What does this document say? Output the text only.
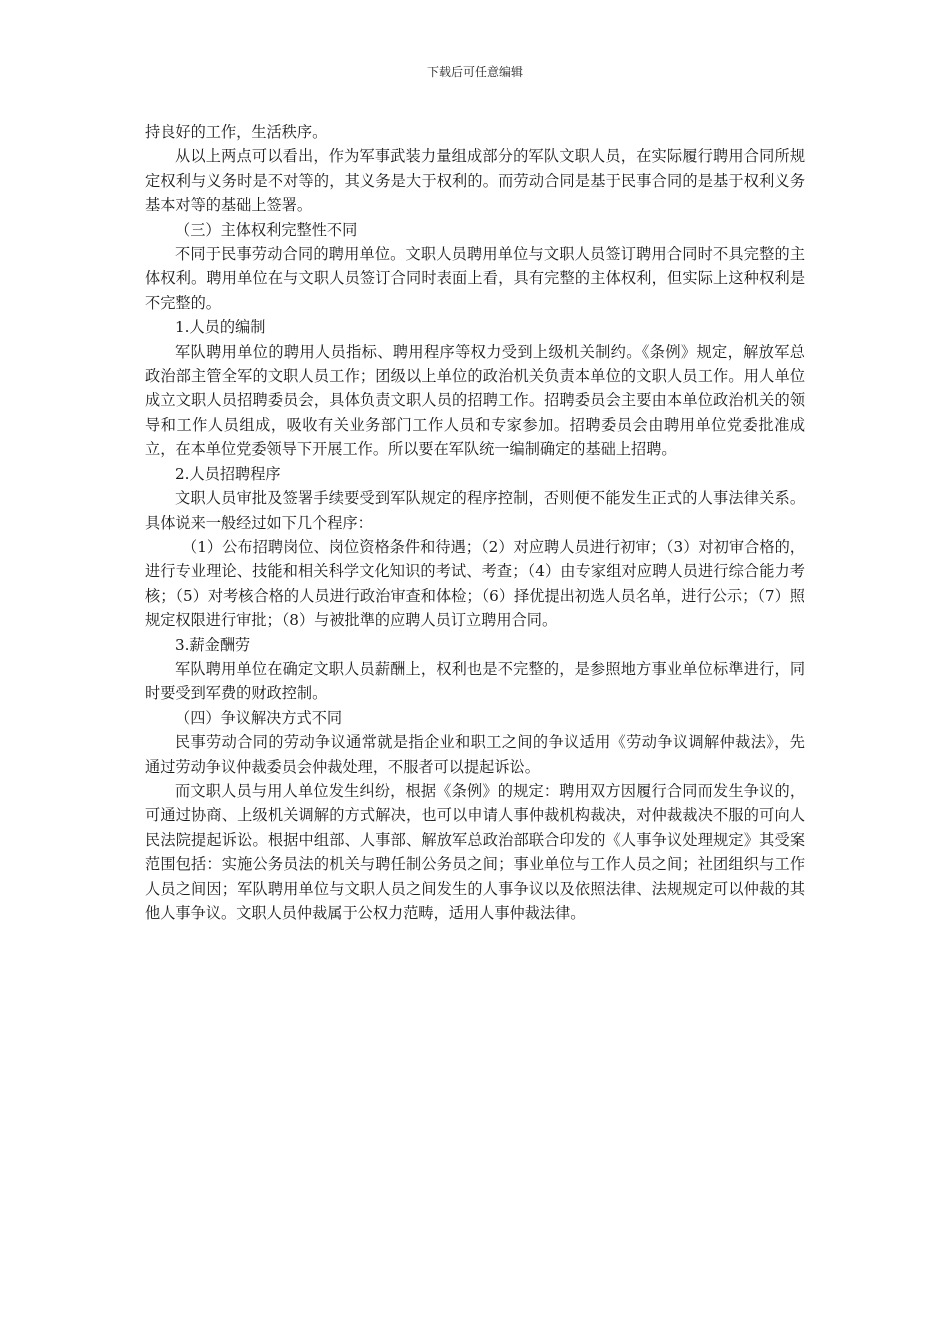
下载后可任意编辑

持良好的工作，生活秩序。

从以上两点可以看出，作为军事武装力量组成部分的军队文职人员，在实际履行聘用合同所规定权利与义务时是不对等的，其义务是大于权利的。而劳动合同是基于民事合同的是基于权利义务基本对等的基础上签署。

（三）主体权利完整性不同

不同于民事劳动合同的聘用单位。文职人员聘用单位与文职人员签订聘用合同时不具完整的主体权利。聘用单位在与文职人员签订合同时表面上看，具有完整的主体权利，但实际上这种权利是不完整的。

1.人员的编制

军队聘用单位的聘用人员指标、聘用程序等权力受到上级机关制约。《条例》规定，解放军总政治部主管全军的文职人员工作；团级以上单位的政治机关负责本单位的文职人员工作。用人单位成立文职人员招聘委员会，具体负责文职人员的招聘工作。招聘委员会主要由本单位政治机关的领导和工作人员组成，吸收有关业务部门工作人员和专家参加。招聘委员会由聘用单位党委批准成立，在本单位党委领导下开展工作。所以要在军队统一编制确定的基础上招聘。

2.人员招聘程序

文职人员审批及签署手续要受到军队规定的程序控制，否则便不能发生正式的人事法律关系。具体说来一般经过如下几个程序：

（1）公布招聘岗位、岗位资格条件和待遇；（2）对应聘人员进行初审；（3）对初审合格的，进行专业理论、技能和相关科学文化知识的考试、考查；（4）由专家组对应聘人员进行综合能力考核；（5）对考核合格的人员进行政治审查和体检；（6）择优提出初选人员名单，进行公示；（7）照规定权限进行审批；（8）与被批準的应聘人员订立聘用合同。

3.薪金酬劳

军队聘用单位在确定文职人员薪酬上，权利也是不完整的，是参照地方事业单位标準进行，同时要受到军费的财政控制。

（四）争议解决方式不同

民事劳动合同的劳动争议通常就是指企业和职工之间的争议适用《劳动争议调解仲裁法》，先通过劳动争议仲裁委员会仲裁处理，不服者可以提起诉讼。

而文职人员与用人单位发生纠纷，根据《条例》的规定：聘用双方因履行合同而发生争议的，可通过协商、上级机关调解的方式解决，也可以申请人事仲裁机构裁决，对仲裁裁决不服的可向人民法院提起诉讼。根据中组部、人事部、解放军总政治部联合印发的《人事争议处理规定》其受案范围包括：实施公务员法的机关与聘任制公务员之间；事业单位与工作人员之间；社团组织与工作人员之间因；军队聘用单位与文职人员之间发生的人事争议以及依照法律、法规规定可以仲裁的其他人事争议。文职人员仲裁属于公权力范畴，适用人事仲裁法律。
